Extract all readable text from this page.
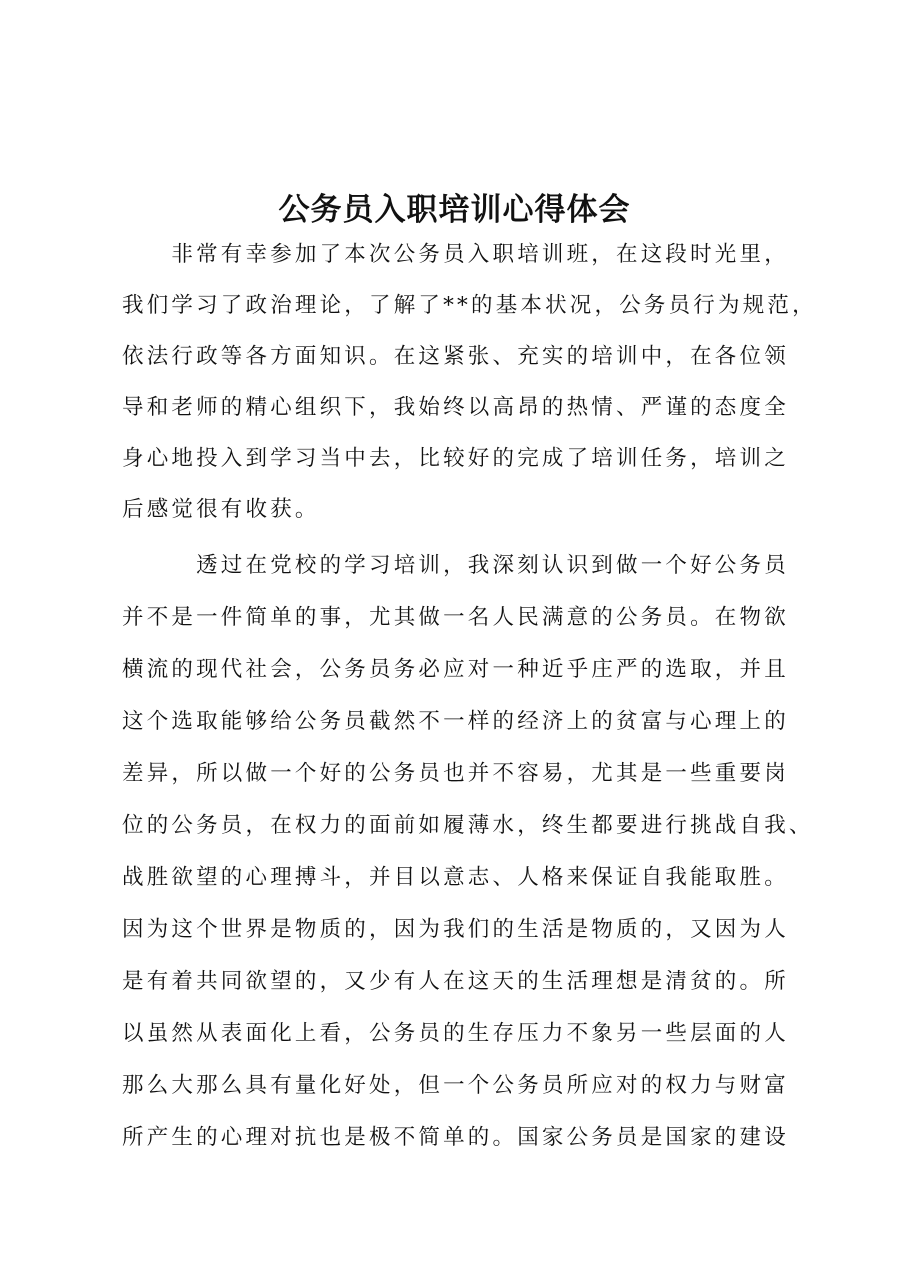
公务员入职培训心得体会
　　非常有幸参加了本次公务员入职培训班，在这段时光里，
我们学习了政治理论，了解了**的基本状况，公务员行为规范，
依法行政等各方面知识。在这紧张、充实的培训中，在各位领
导和老师的精心组织下，我始终以高昂的热情、严谨的态度全
身心地投入到学习当中去，比较好的完成了培训任务，培训之
后感觉很有收获。
　　　透过在党校的学习培训，我深刻认识到做一个好公务员
并不是一件简单的事，尤其做一名人民满意的公务员。在物欲
横流的现代社会，公务员务必应对一种近乎庄严的选取，并且
这个选取能够给公务员截然不一样的经济上的贫富与心理上的
差异，所以做一个好的公务员也并不容易，尤其是一些重要岗
位的公务员，在权力的面前如履薄水，终生都要进行挑战自我、
战胜欲望的心理搏斗，并目以意志、人格来保证自我能取胜。
因为这个世界是物质的，因为我们的生活是物质的，又因为人
是有着共同欲望的，又少有人在这天的生活理想是清贫的。所
以虽然从表面化上看，公务员的生存压力不象另一些层面的人
那么大那么具有量化好处，但一个公务员所应对的权力与财富
所产生的心理对抗也是极不简单的。国家公务员是国家的建设
